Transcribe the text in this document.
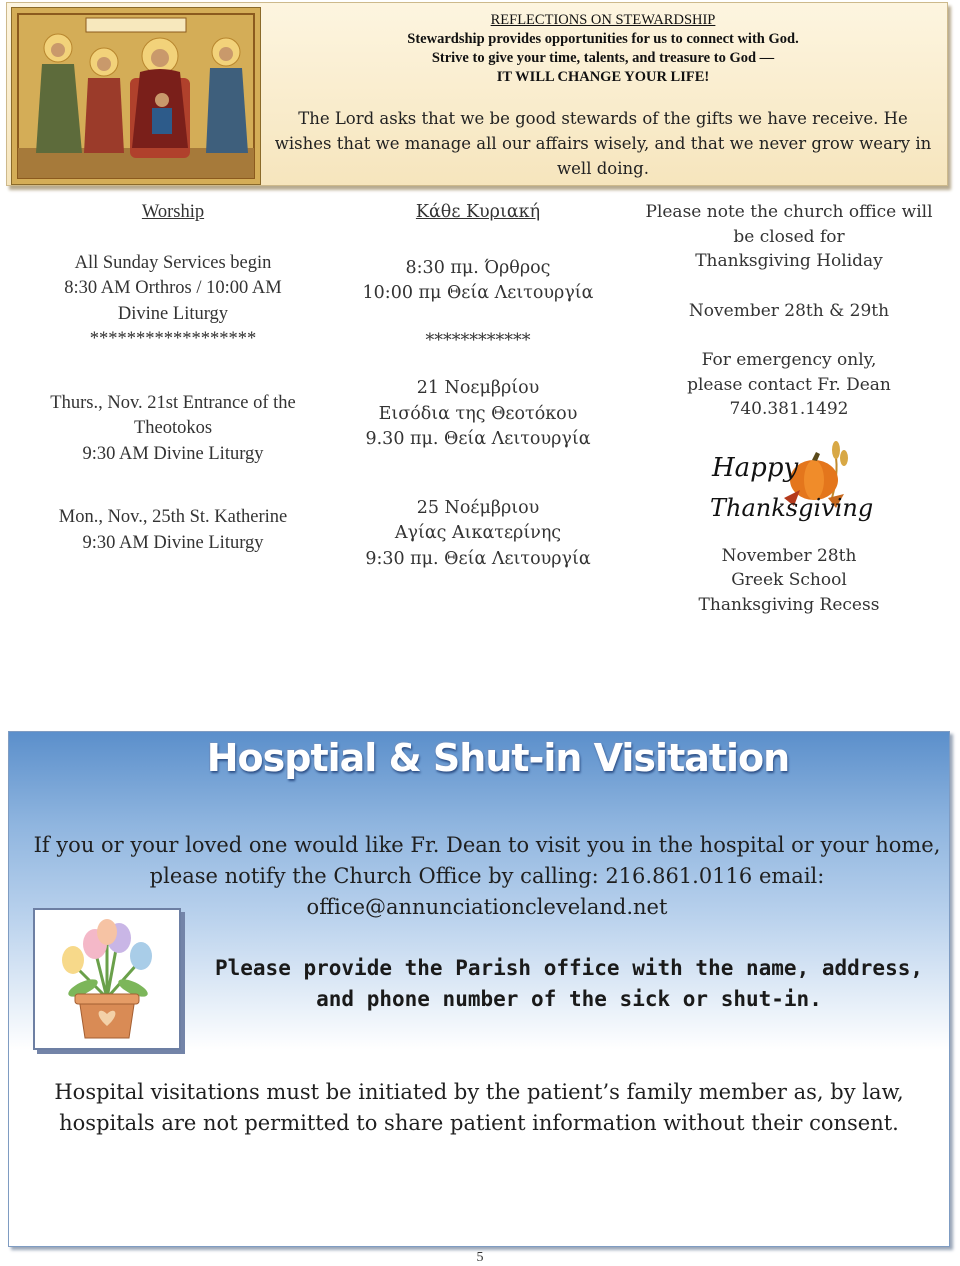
REFLECTIONS ON STEWARDSHIP
Stewardship provides opportunities for us to connect with God.
Strive to give your time, talents, and treasure to God —
IT WILL CHANGE YOUR LIFE!
The Lord asks that we be good stewards of the gifts we have receive. He wishes that we manage all our affairs wisely, and that we never grow weary in well doing.
Worship
All Sunday Services begin
8:30 AM Orthros / 10:00 AM
Divine Liturgy
******************
Thurs., Nov. 21st Entrance of the
Theotokos
9:30 AM Divine Liturgy
Mon., Nov., 25th St. Katherine
9:30 AM Divine Liturgy
Κάθε Κυριακή
8:30 πμ. Όρθρος
10:00 πμ Θεία Λειτουργία
************
21 Νοεμβρίου
Εισόδια της Θεοτόκου
9.30 πμ. Θεία Λειτουργία
25 Νοέμβριου
Αγίας Αικατερίνης
9:30 πμ. Θεία Λειτουργία
Please note the church office will
be closed for
Thanksgiving Holiday
November 28th & 29th
For emergency only,
please contact Fr. Dean
740.381.1492
Happy
Thanksgiving
November 28th
Greek School
Thanksgiving Recess
Hosptial & Shut-in Visitation
If you or your loved one would like Fr. Dean to visit you in the hospital or your home, please notify the Church Office by calling: 216.861.0116 email: office@annunciationcleveland.net
Please provide the Parish office with the name, address, and phone number of the sick or shut-in.
Hospital visitations must be initiated by the patient’s family member as, by law, hospitals are not permitted to share patient information without their consent.
5
